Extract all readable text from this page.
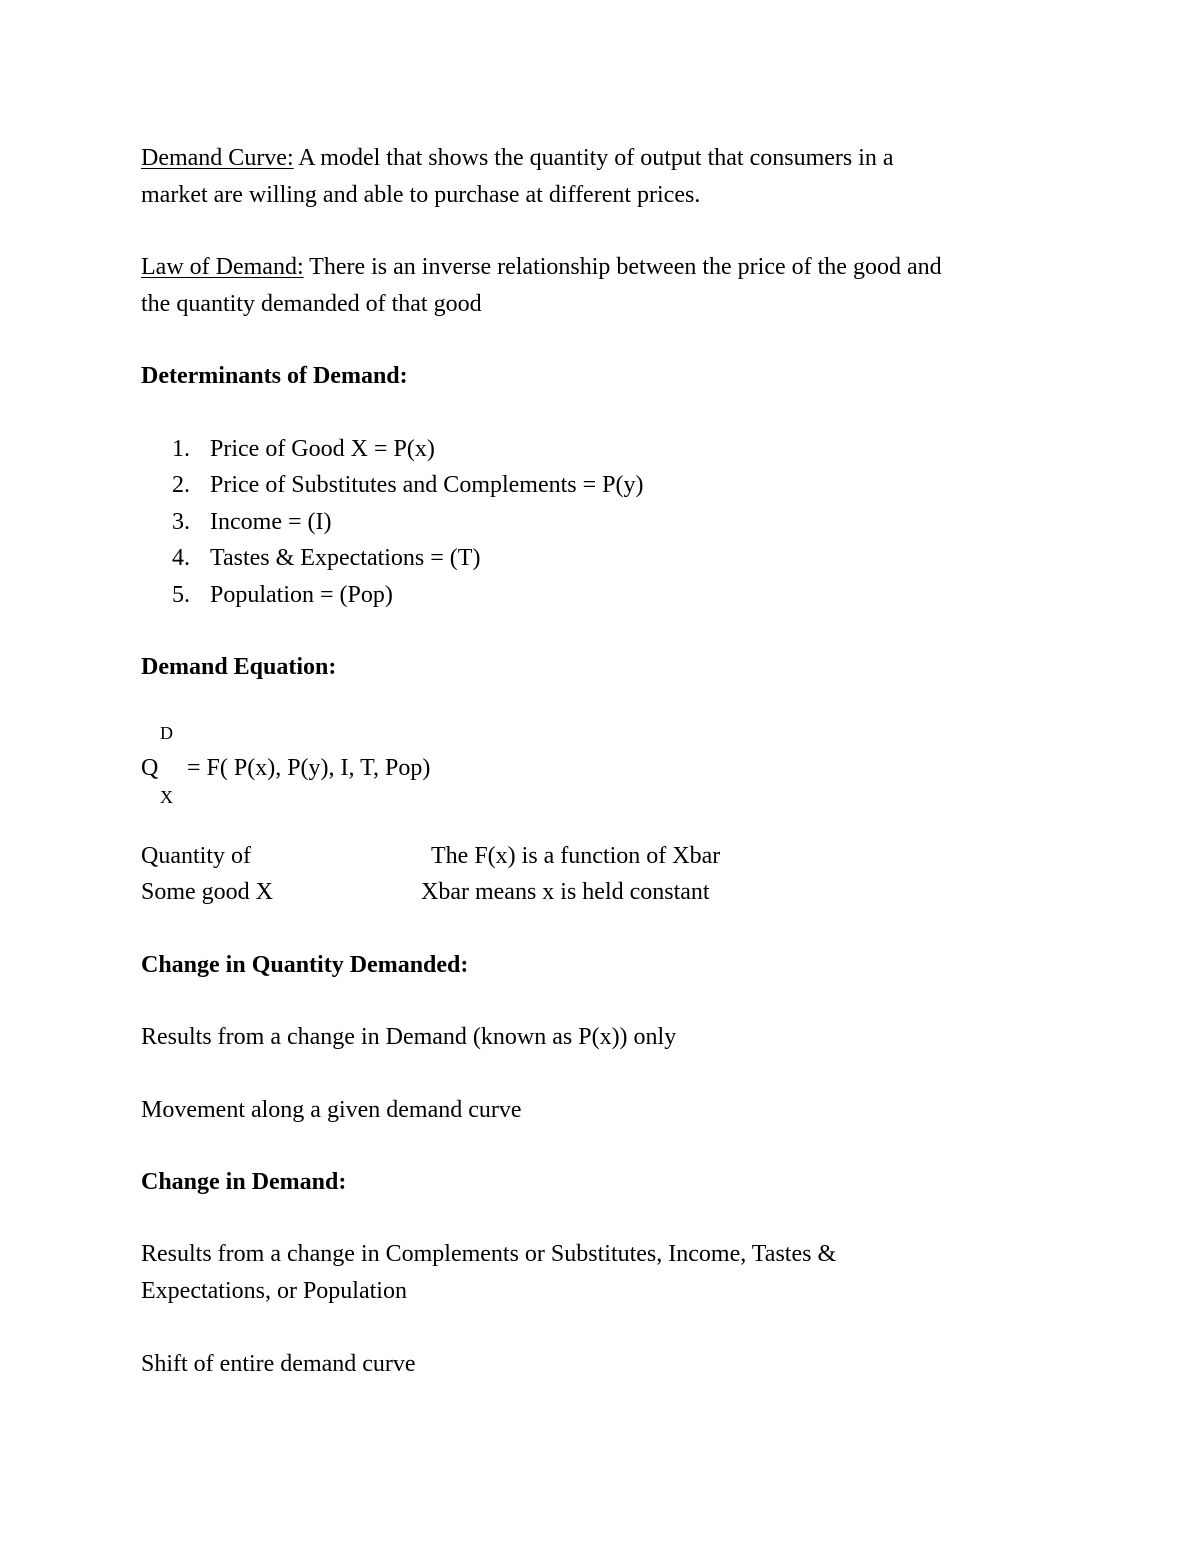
Demand Curve: A model that shows the quantity of output that consumers in a
market are willing and able to purchase at different prices.
Law of Demand: There is an inverse relationship between the price of the good and
the quantity demanded of that good
Determinants of Demand:
1. Price of Good X = P(x)
2. Price of Substitutes and Complements = P(y)
3. Income = (I)
4. Tastes & Expectations = (T)
5. Population = (Pop)
Demand Equation:
D
Q = F( P(x), P(y), I, T, Pop)
X
Quantity of
Some good X
The F(x) is a function of Xbar
Xbar means x is held constant
Change in Quantity Demanded:
Results from a change in Demand (known as P(x)) only
Movement along a given demand curve
Change in Demand:
Results from a change in Complements or Substitutes, Income, Tastes &
Expectations, or Population
Shift of entire demand curve
